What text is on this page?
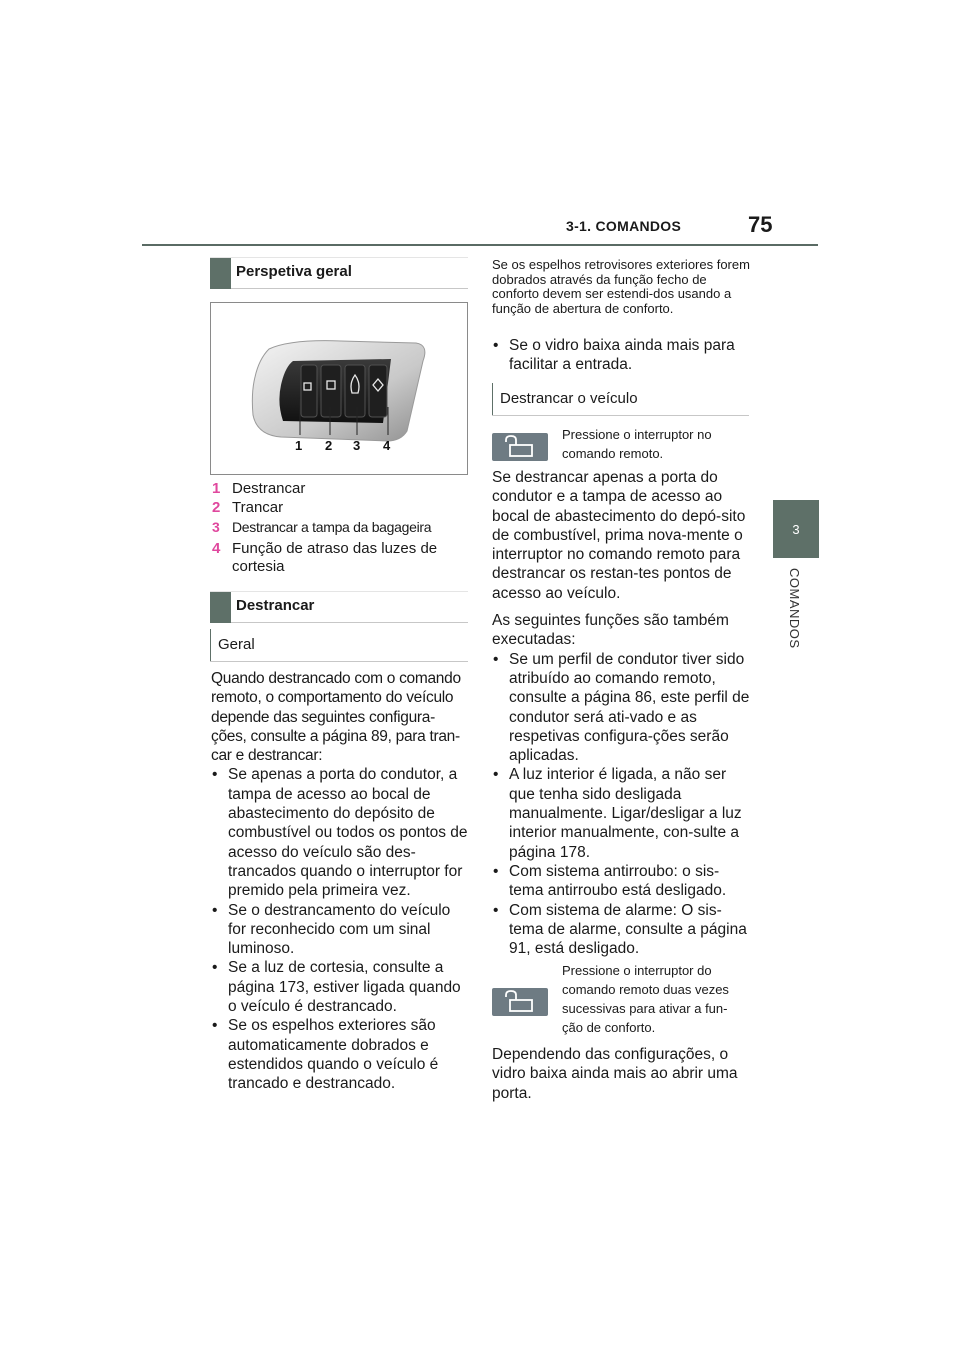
3-1. COMANDOS	75
3
COMANDOS
Perspetiva geral
1 2 3 4
1 Destrancar
2 Trancar
3 Destrancar a tampa da bagageira
4 Função de atraso das luzes de cortesia
Destrancar
Geral

Quando destrancado com o comando remoto, o comportamento do veículo depende das seguintes configura-ções, consulte a página 89, para tran-car e destrancar:

• Se apenas a porta do condutor, a tampa de acesso ao bocal de abastecimento do depósito de combustível ou todos os pontos de acesso do veículo são des-trancados quando o interruptor for premido pela primeira vez.
• Se o destrancamento do veículo for reconhecido com um sinal luminoso.
• Se a luz de cortesia, consulte a página 173, estiver ligada quando o veículo é destrancado.
• Se os espelhos exteriores são automaticamente dobrados e estendidos quando o veículo é trancado e destrancado.
Se os espelhos retrovisores exteriores forem dobrados através da função fecho de conforto devem ser estendi-dos usando a função de abertura de conforto.
• Se o vidro baixa ainda mais para facilitar a entrada.
Destrancar o veículo
Pressione o interruptor no comando remoto.

Se destrancar apenas a porta do condutor e a tampa de acesso ao bocal de abastecimento do depó-sito de combustível, prima nova-mente o interruptor no comando remoto para destrancar os restan-tes pontos de acesso ao veículo.

As seguintes funções são também executadas:

• Se um perfil de condutor tiver sido atribuído ao comando remoto, consulte a página 86, este perfil de condutor será ati-vado e as respetivas configura-ções serão aplicadas.
• A luz interior é ligada, a não ser que tenha sido desligada manualmente. Ligar/desligar a luz interior manualmente, con-sulte a página 178.
• Com sistema antirroubo: o sis-tema antirroubo está desligado.
• Com sistema de alarme: O sis-tema de alarme, consulte a página 91, está desligado.
Pressione o interruptor do comando remoto duas vezes sucessivas para ativar a fun-ção de conforto.
Dependendo das configurações, o vidro baixa ainda mais ao abrir uma porta.
